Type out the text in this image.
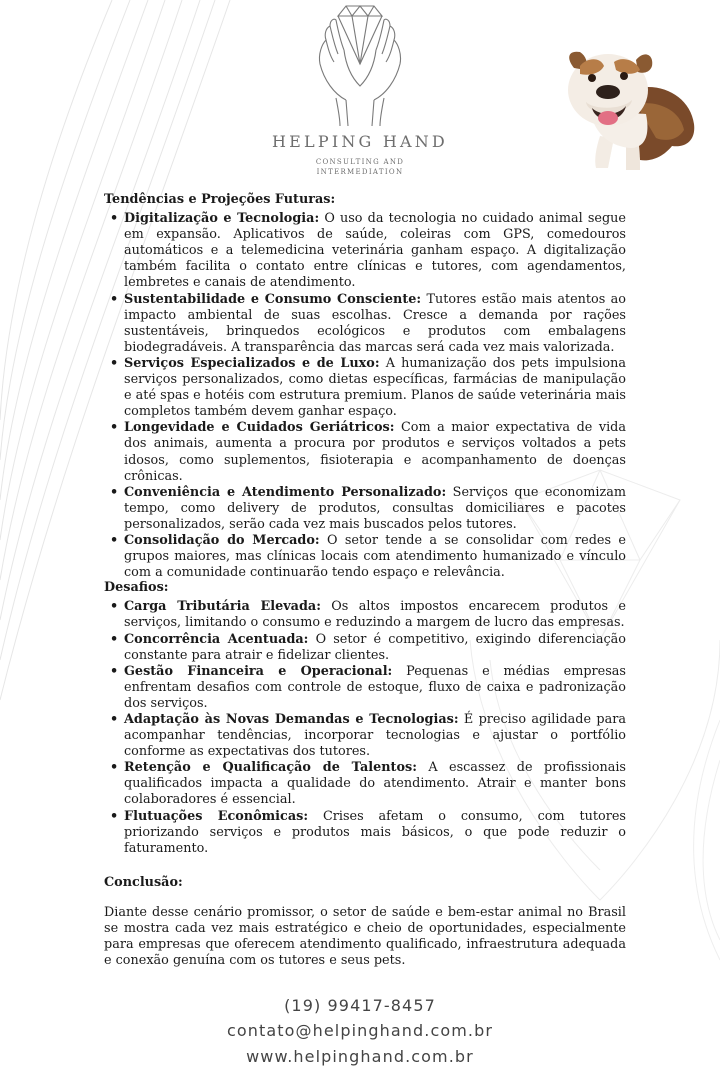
HELPING HAND
CONSULTING AND
INTERMEDIATION
Tendências e Projeções Futuras:
• Digitalização e Tecnologia: O uso da tecnologia no cuidado animal segue em expansão. Aplicativos de saúde, coleiras com GPS, comedouros automáticos e a telemedicina veterinária ganham espaço. A digitalização também facilita o contato entre clínicas e tutores, com agendamentos, lembretes e canais de atendimento.
• Sustentabilidade e Consumo Consciente: Tutores estão mais atentos ao impacto ambiental de suas escolhas. Cresce a demanda por rações sustentáveis, brinquedos ecológicos e produtos com embalagens biodegradáveis. A transparência das marcas será cada vez mais valorizada.
• Serviços Especializados e de Luxo: A humanização dos pets impulsiona serviços personalizados, como dietas específicas, farmácias de manipulação e até spas e hotéis com estrutura premium. Planos de saúde veterinária mais completos também devem ganhar espaço.
• Longevidade e Cuidados Geriátricos: Com a maior expectativa de vida dos animais, aumenta a procura por produtos e serviços voltados a pets idosos, como suplementos, fisioterapia e acompanhamento de doenças crônicas.
• Conveniência e Atendimento Personalizado: Serviços que economizam tempo, como delivery de produtos, consultas domiciliares e pacotes personalizados, serão cada vez mais buscados pelos tutores.
• Consolidação do Mercado: O setor tende a se consolidar com redes e grupos maiores, mas clínicas locais com atendimento humanizado e vínculo com a comunidade continuarão tendo espaço e relevância.
Desafios:
• Carga Tributária Elevada: Os altos impostos encarecem produtos e serviços, limitando o consumo e reduzindo a margem de lucro das empresas.
• Concorrência Acentuada: O setor é competitivo, exigindo diferenciação constante para atrair e fidelizar clientes.
• Gestão Financeira e Operacional: Pequenas e médias empresas enfrentam desafios com controle de estoque, fluxo de caixa e padronização dos serviços.
• Adaptação às Novas Demandas e Tecnologias: É preciso agilidade para acompanhar tendências, incorporar tecnologias e ajustar o portfólio conforme as expectativas dos tutores.
• Retenção e Qualificação de Talentos: A escassez de profissionais qualificados impacta a qualidade do atendimento. Atrair e manter bons colaboradores é essencial.
• Flutuações Econômicas: Crises afetam o consumo, com tutores priorizando serviços e produtos mais básicos, o que pode reduzir o faturamento.
Conclusão:
Diante desse cenário promissor, o setor de saúde e bem-estar animal no Brasil se mostra cada vez mais estratégico e cheio de oportunidades, especialmente para empresas que oferecem atendimento qualificado, infraestrutura adequada e conexão genuína com os tutores e seus pets.
(19) 99417-8457
contato@helpinghand.com.br
www.helpinghand.com.br
